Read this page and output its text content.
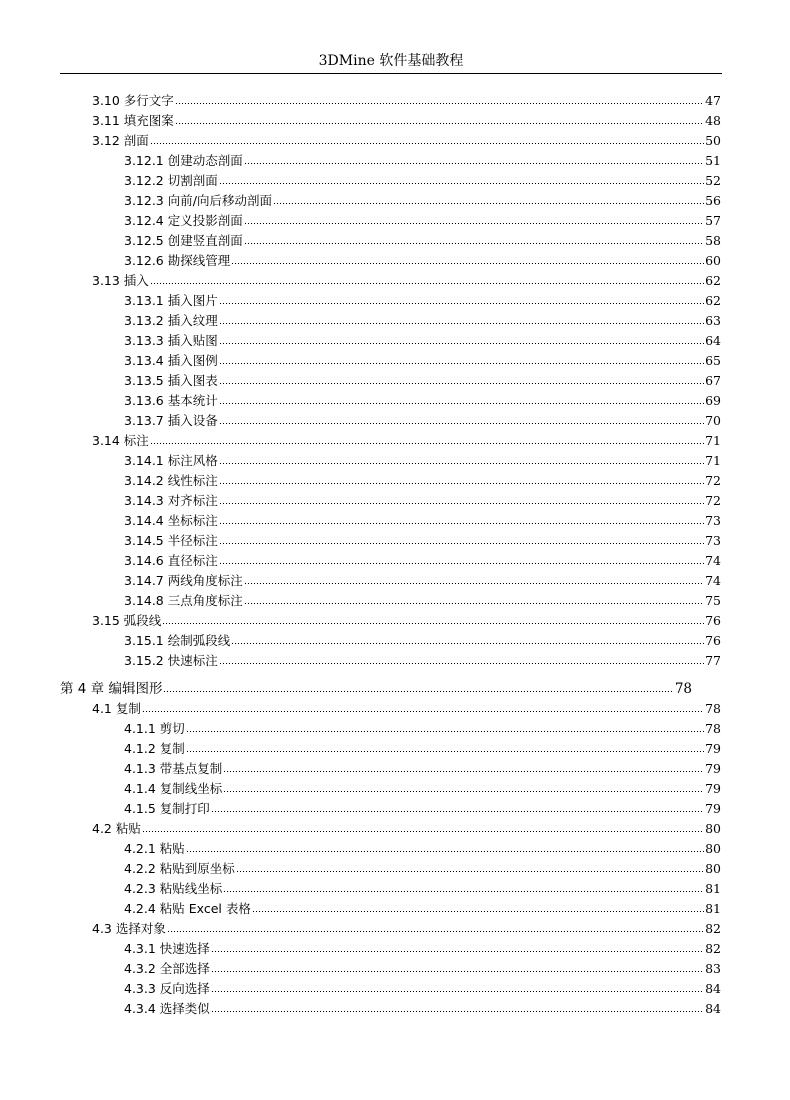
3DMine 软件基础教程
3.10 多行文字	47
3.11 填充图案	48
3.12 剖面	50
3.12.1 创建动态剖面	51
3.12.2 切割剖面	52
3.12.3 向前/向后移动剖面	56
3.12.4 定义投影剖面	57
3.12.5 创建竖直剖面	58
3.12.6 勘探线管理	60
3.13 插入	62
3.13.1 插入图片	62
3.13.2 插入纹理	63
3.13.3 插入贴图	64
3.13.4 插入图例	65
3.13.5 插入图表	67
3.13.6 基本统计	69
3.13.7 插入设备	70
3.14 标注	71
3.14.1 标注风格	71
3.14.2 线性标注	72
3.14.3 对齐标注	72
3.14.4 坐标标注	73
3.14.5 半径标注	73
3.14.6 直径标注	74
3.14.7 两线角度标注	74
3.14.8 三点角度标注	75
3.15 弧段线	76
3.15.1 绘制弧段线	76
3.15.2 快速标注	77
第 4 章 编辑图形	78
4.1 复制	78
4.1.1 剪切	78
4.1.2 复制	79
4.1.3 带基点复制	79
4.1.4 复制线坐标	79
4.1.5 复制打印	79
4.2 粘贴	80
4.2.1 粘贴	80
4.2.2 粘贴到原坐标	80
4.2.3 粘贴线坐标	81
4.2.4 粘贴 Excel 表格	81
4.3 选择对象	82
4.3.1 快速选择	82
4.3.2 全部选择	83
4.3.3 反向选择	84
4.3.4 选择类似	84
